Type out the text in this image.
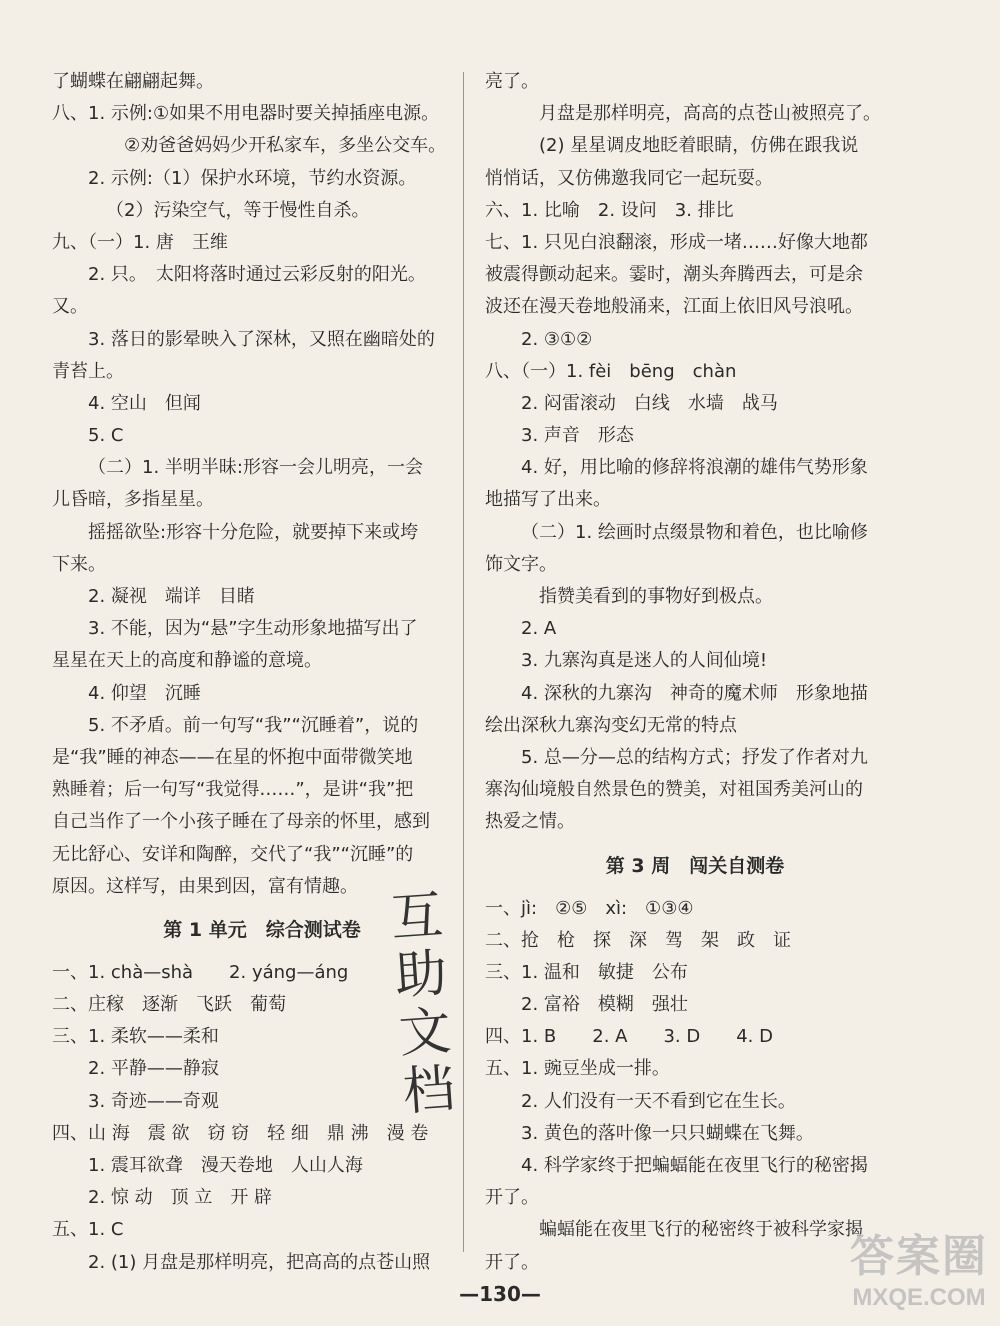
了蝴蝶在翩翩起舞。
八、1. 示例:①如果不用电器时要关掉插座电源。
②劝爸爸妈妈少开私家车，多坐公交车。
2. 示例:（1）保护水环境，节约水资源。
（2）污染空气，等于慢性自杀。
九、（一）1. 唐　王维
2. 只。　太阳将落时通过云彩反射的阳光。
又。
3. 落日的影晕映入了深林，又照在幽暗处的
青苔上。
4. 空山　但闻
5. C
（二）1. 半明半昧:形容一会儿明亮，一会
儿昏暗，多指星星。
摇摇欲坠:形容十分危险，就要掉下来或垮
下来。
2. 凝视　端详　目睹
3. 不能，因为“悬”字生动形象地描写出了
星星在天上的高度和静谧的意境。
4. 仰望　沉睡
5. 不矛盾。前一句写“我”“沉睡着”，说的
是“我”睡的神态——在星的怀抱中面带微笑地
熟睡着；后一句写“我觉得……”，是讲“我”把
自己当作了一个小孩子睡在了母亲的怀里，感到
无比舒心、安详和陶醉，交代了“我”“沉睡”的
原因。这样写，由果到因，富有情趣。
第 1 单元　综合测试卷
一、1. chà—shà　　2. yáng—áng
二、庄稼　逐渐　飞跃　葡萄
三、1. 柔软——柔和
2. 平静——静寂
3. 奇迹——奇观
四、山 海　震 欲　窃 窃　轻 细　鼎 沸　漫 卷
1. 震耳欲聋　漫天卷地　人山人海
2. 惊 动　顶 立　开 辟
五、1. C
2. (1) 月盘是那样明亮，把高高的点苍山照
亮了。
月盘是那样明亮，高高的点苍山被照亮了。
(2) 星星调皮地眨着眼睛，仿佛在跟我说
悄悄话，又仿佛邀我同它一起玩耍。
六、1. 比喻　2. 设问　3. 排比
七、1. 只见白浪翻滚，形成一堵……好像大地都
被震得颤动起来。霎时，潮头奔腾西去，可是余
波还在漫天卷地般涌来，江面上依旧风号浪吼。
2. ③①②
八、（一）1. fèi　bēng　chàn
2. 闷雷滚动　白线　水墙　战马
3. 声音　形态
4. 好，用比喻的修辞将浪潮的雄伟气势形象
地描写了出来。
（二）1. 绘画时点缀景物和着色，也比喻修
饰文字。
指赞美看到的事物好到极点。
2. A
3. 九寨沟真是迷人的人间仙境!
4. 深秋的九寨沟　神奇的魔术师　形象地描
绘出深秋九寨沟变幻无常的特点
5. 总—分—总的结构方式；抒发了作者对九
寨沟仙境般自然景色的赞美，对祖国秀美河山的
热爱之情。
第 3 周　闯关自测卷
一、jì:　②⑤　xì:　①③④
二、抢　枪　探　深　驾　架　政　证
三、1. 温和　敏捷　公布
2. 富裕　模糊　强壮
四、1. B　　2. A　　3. D　　4. D
五、1. 豌豆坐成一排。
2. 人们没有一天不看到它在生长。
3. 黄色的落叶像一只只蝴蝶在飞舞。
4. 科学家终于把蝙蝠能在夜里飞行的秘密揭
开了。
蝙蝠能在夜里飞行的秘密终于被科学家揭
开了。
互助文档
—130—
答案圈
MXQE.COM
